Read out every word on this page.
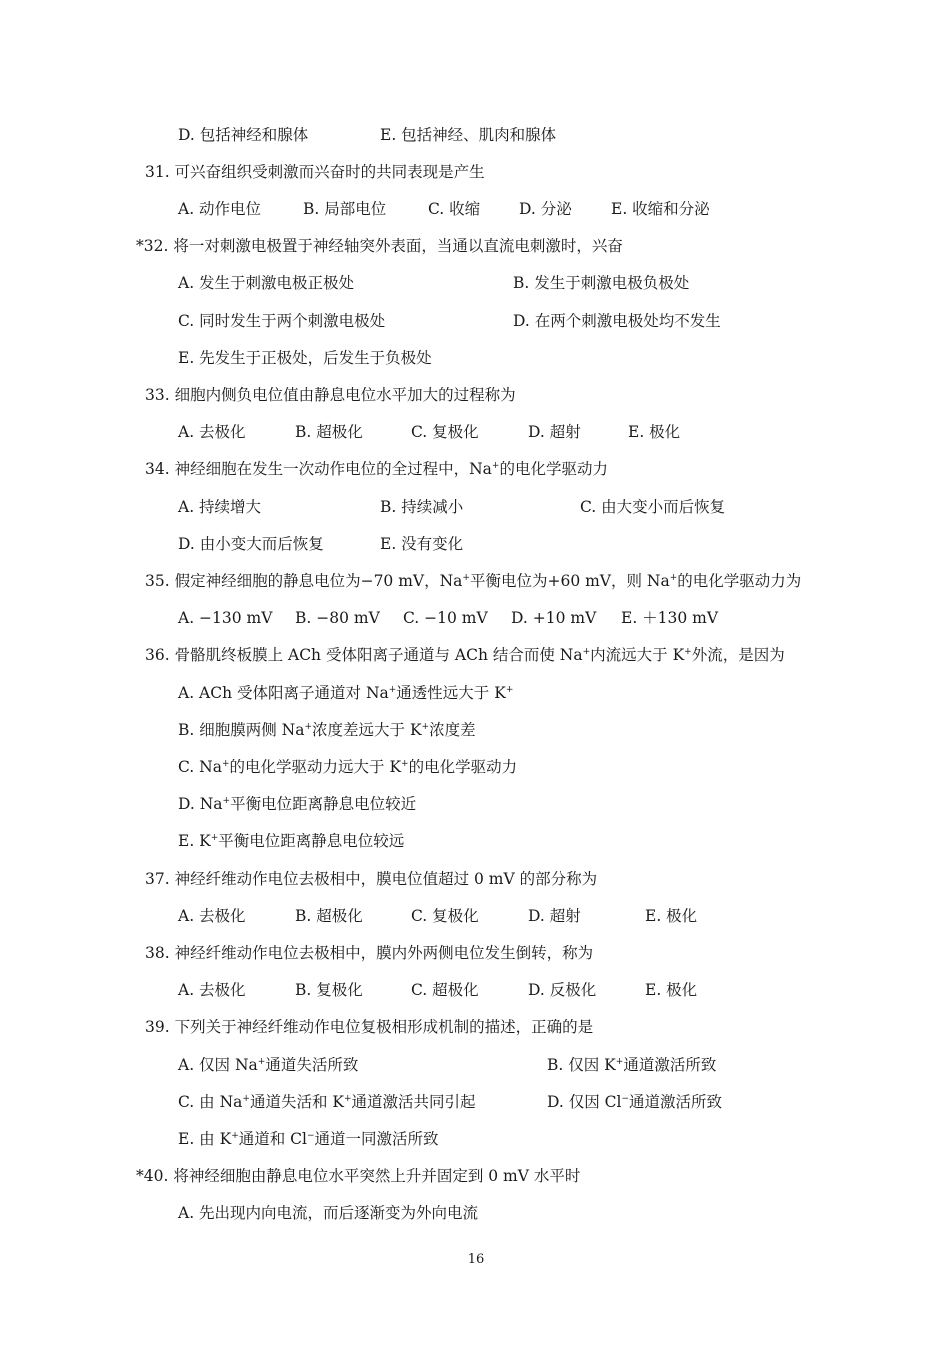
D. 包括神经和腺体	E. 包括神经、肌肉和腺体
31. 可兴奋组织受刺激而兴奋时的共同表现是产生
A. 动作电位	B. 局部电位	C. 收缩	D. 分泌	E. 收缩和分泌
*32. 将一对刺激电极置于神经轴突外表面，当通以直流电刺激时，兴奋
A. 发生于刺激电极正极处	B. 发生于刺激电极负极处
C. 同时发生于两个刺激电极处	D. 在两个刺激电极处均不发生
E. 先发生于正极处，后发生于负极处
33. 细胞内侧负电位值由静息电位水平加大的过程称为
A. 去极化	B. 超极化	C. 复极化	D. 超射	E. 极化
34. 神经细胞在发生一次动作电位的全过程中，Na+的电化学驱动力
A. 持续增大	B. 持续减小	C. 由大变小而后恢复
D. 由小变大而后恢复	E. 没有变化
35. 假定神经细胞的静息电位为−70 mV，Na+平衡电位为+60 mV，则 Na+的电化学驱动力为
A. −130 mV B. −80 mV C. −10 mV D. +10 mV E. ＋130 mV
36. 骨骼肌终板膜上 ACh 受体阳离子通道与 ACh 结合而使 Na+内流远大于 K+外流，是因为
A. ACh 受体阳离子通道对 Na+通透性远大于 K+
B. 细胞膜两侧 Na+浓度差远大于 K+浓度差
C. Na+的电化学驱动力远大于 K+的电化学驱动力
D. Na+平衡电位距离静息电位较近
E. K+平衡电位距离静息电位较远
37. 神经纤维动作电位去极相中，膜电位值超过 0 mV 的部分称为
A. 去极化	B. 超极化	C. 复极化	D. 超射	E. 极化
38. 神经纤维动作电位去极相中，膜内外两侧电位发生倒转，称为
A. 去极化	B. 复极化	C. 超极化	D. 反极化	E. 极化
39. 下列关于神经纤维动作电位复极相形成机制的描述，正确的是
A. 仅因 Na+通道失活所致	B. 仅因 K+通道激活所致
C. 由 Na+通道失活和 K+通道激活共同引起	D. 仅因 Cl−通道激活所致
E. 由 K+通道和 Cl−通道一同激活所致
*40. 将神经细胞由静息电位水平突然上升并固定到 0 mV 水平时
A. 先出现内向电流，而后逐渐变为外向电流
16
